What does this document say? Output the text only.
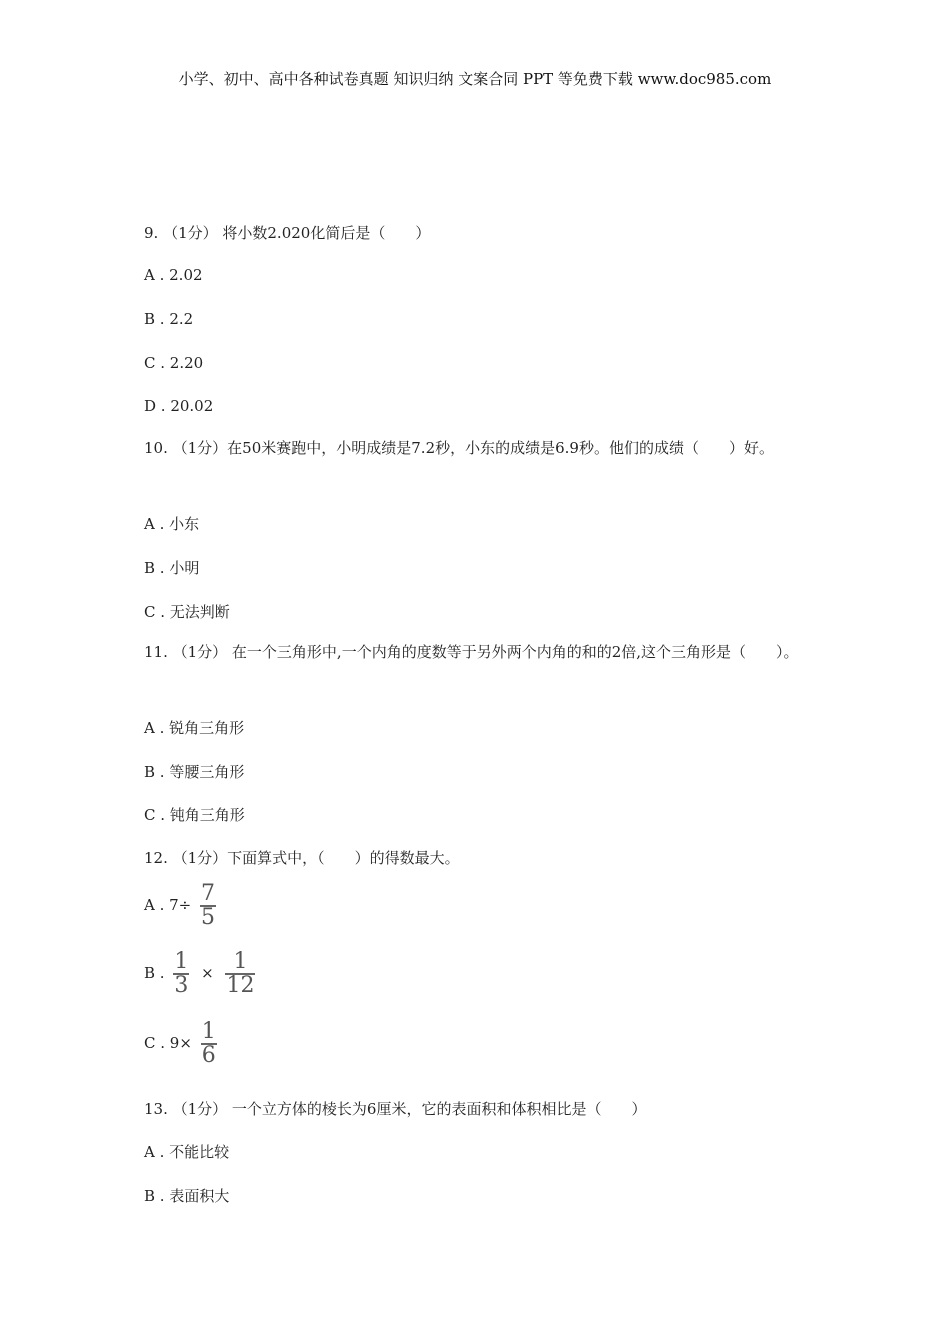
小学、初中、高中各种试卷真题 知识归纳 文案合同 PPT 等免费下载 www.doc985.com
9. （1分） 将小数2.020化简后是（　　）
A . 2.02
B . 2.2
C . 2.20
D . 20.02
10. （1分）在50米赛跑中，小明成绩是7.2秒，小东的成绩是6.9秒。他们的成绩（　　）好。
A . 小东
B . 小明
C . 无法判断
11. （1分） 在一个三角形中,一个内角的度数等于另外两个内角的和的2倍,这个三角形是（　　）。
A . 锐角三角形
B . 等腰三角形
C . 钝角三角形
12. （1分）下面算式中，（　　）的得数最大。
A . $7\div \frac{7}{5}$
B . $\frac{1}{3} \times \frac{1}{12}$
C . $9\times \frac{1}{6}$
13. （1分） 一个立方体的棱长为6厘米，它的表面积和体积相比是（　　）
A . 不能比较
B . 表面积大
